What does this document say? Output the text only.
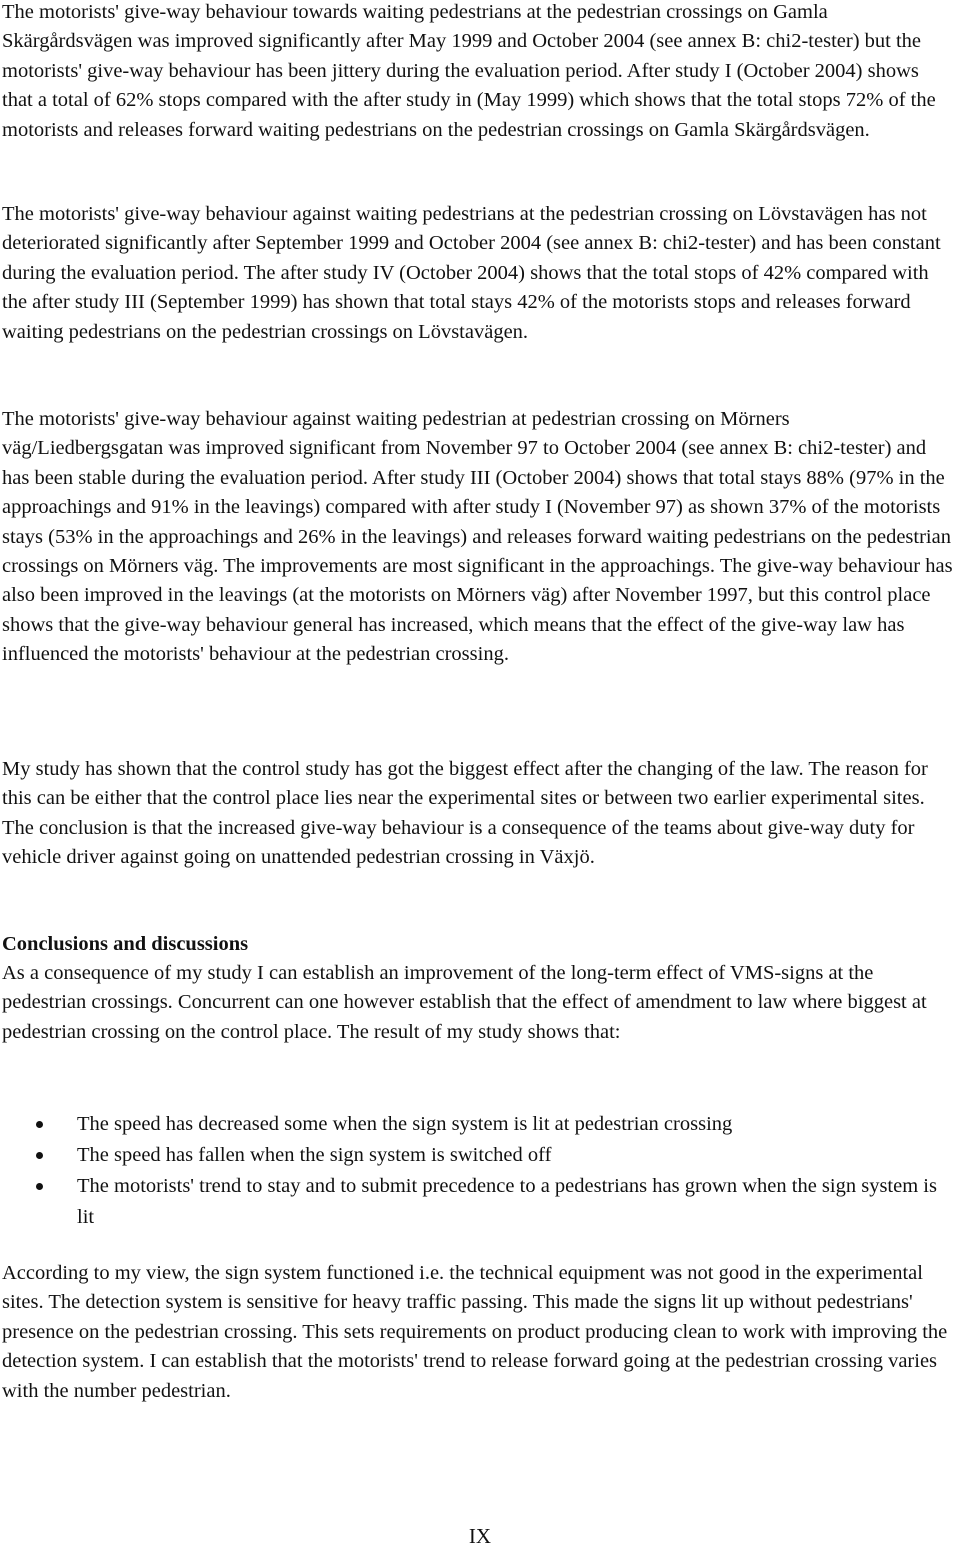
The motorists' give-way behaviour towards waiting pedestrians at the pedestrian crossings on Gamla Skärgårdsvägen was improved significantly after May 1999 and October 2004 (see annex B: chi2-tester) but the motorists' give-way behaviour has been jittery during the evaluation period. After study I (October 2004) shows that a total of 62% stops compared with the after study in (May 1999) which shows that the total stops 72% of the motorists and releases forward waiting pedestrians on the pedestrian crossings on Gamla Skärgårdsvägen.

The motorists' give-way behaviour against waiting pedestrians at the pedestrian crossing on Lövstavägen has not deteriorated significantly after September 1999 and October 2004 (see annex B: chi2-tester) and has been constant during the evaluation period. The after study IV (October 2004) shows that the total stops of 42% compared with the after study III (September 1999) has shown that total stays 42% of the motorists stops and releases forward waiting pedestrians on the pedestrian crossings on Lövstavägen.

The motorists' give-way behaviour against waiting pedestrian at pedestrian crossing on Mörners väg/Liedbergsgatan was improved significant from November 97 to October 2004 (see annex B: chi2-tester) and has been stable during the evaluation period. After study III (October 2004) shows that total stays 88% (97% in the approachings and 91% in the leavings) compared with after study I (November 97) as shown 37% of the motorists stays (53% in the approachings and 26% in the leavings) and releases forward waiting pedestrians on the pedestrian crossings on Mörners väg. The improvements are most significant in the approachings. The give-way behaviour has also been improved in the leavings (at the motorists on Mörners väg) after November 1997, but this control place shows that the give-way behaviour general has increased, which means that the effect of the give-way law has influenced the motorists' behaviour at the pedestrian crossing.

My study has shown that the control study has got the biggest effect after the changing of the law. The reason for this can be either that the control place lies near the experimental sites or between two earlier experimental sites. The conclusion is that the increased give-way behaviour is a consequence of the teams about give-way duty for vehicle driver against going on unattended pedestrian crossing in Växjö.

Conclusions and discussions

As a consequence of my study I can establish an improvement of the long-term effect of VMS-signs at the pedestrian crossings. Concurrent can one however establish that the effect of amendment to law where biggest at pedestrian crossing on the control place. The result of my study shows that:

The speed has decreased some when the sign system is lit at pedestrian crossing
The speed has fallen when the sign system is switched off
The motorists' trend to stay and to submit precedence to a pedestrians has grown when the sign system is lit

According to my view, the sign system functioned i.e. the technical equipment was not good in the experimental sites. The detection system is sensitive for heavy traffic passing. This made the signs lit up without pedestrians' presence on the pedestrian crossing. This sets requirements on product producing clean to work with improving the detection system. I can establish that the motorists' trend to release forward going at the pedestrian crossing varies with the number pedestrian.

IX
